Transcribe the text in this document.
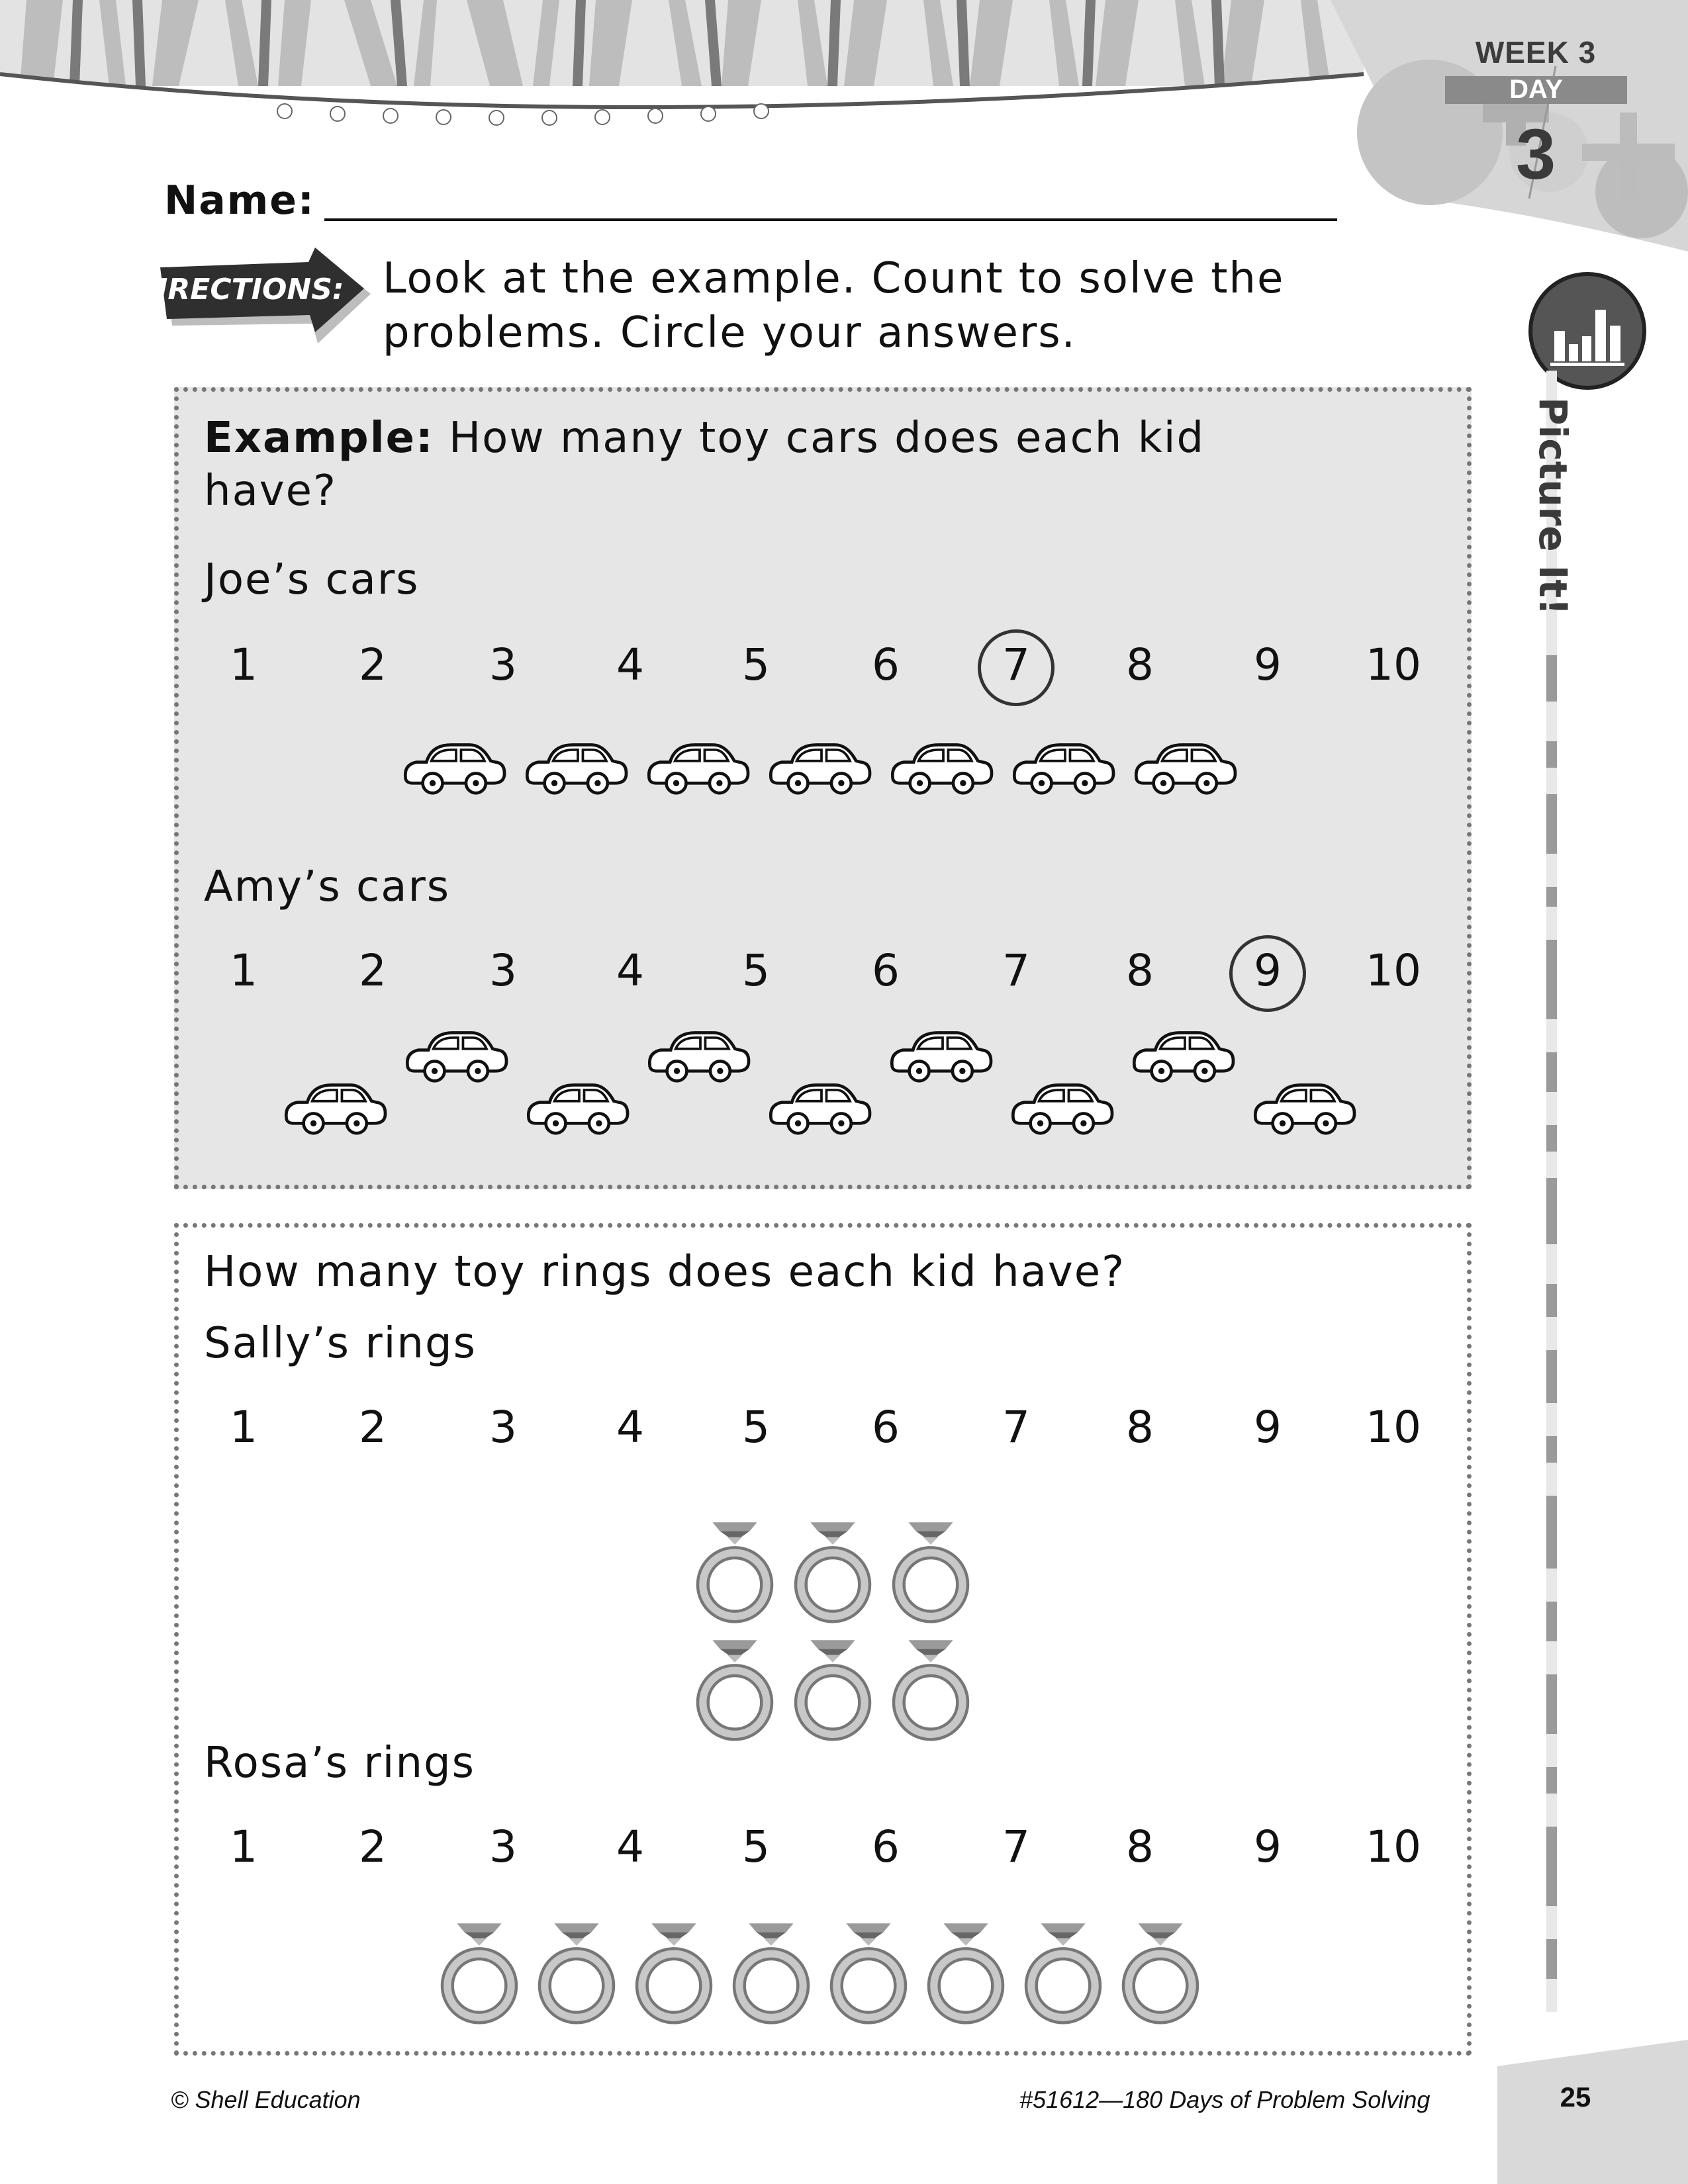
WEEK 3
DAY
3
Picture It!
Name:
DIRECTIONS: Look at the example. Count to solve the problems. Circle your answers.
Example: How many toy cars does each kid have?
Joe’s cars
1	2	3	4	5	6	7	8	9	10
Amy’s cars
1	2	3	4	5	6	7	8	9	10
How many toy rings does each kid have?
Sally’s rings
1	2	3	4	5	6	7	8	9	10
Rosa’s rings
1	2	3	4	5	6	7	8	9	10
© Shell Education	#51612—180 Days of Problem Solving	25
